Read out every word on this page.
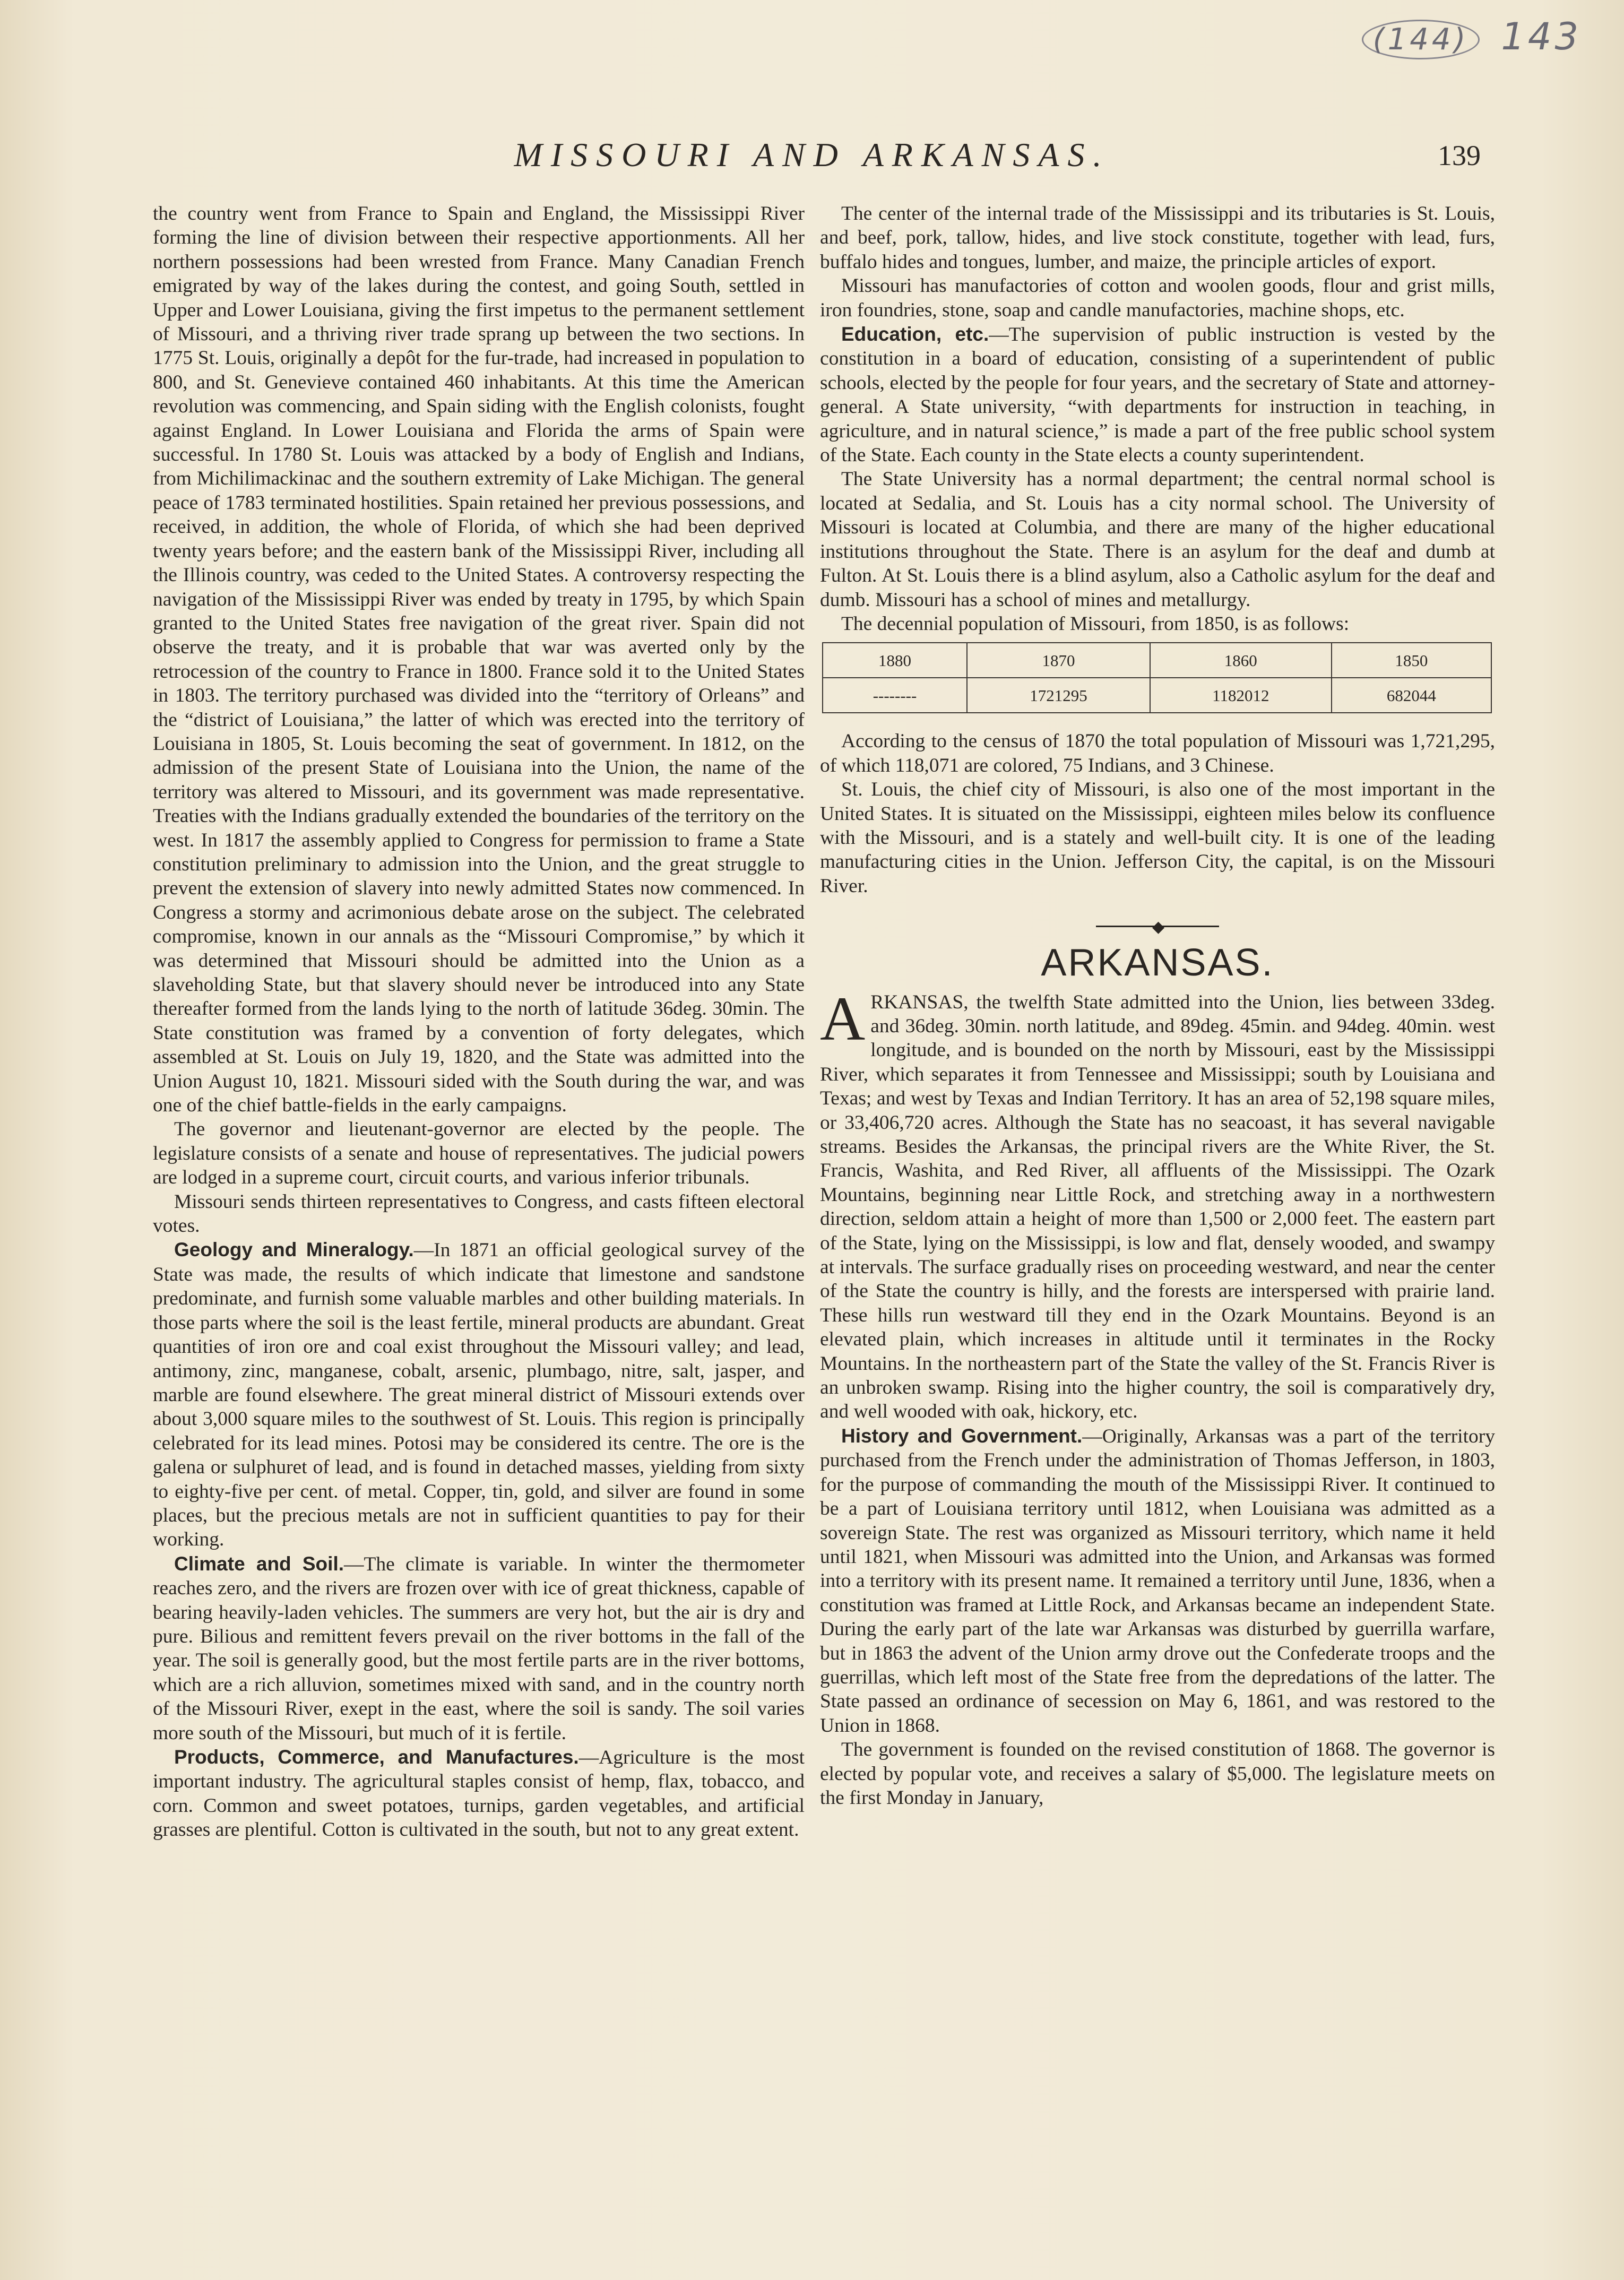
(144) 143
MISSOURI AND ARKANSAS.	139

the country went from France to Spain and England, the Mississippi River forming the line of division between their respective apportionments. All her northern possessions had been wrested from France. Many Canadian French emigrated by way of the lakes during the contest, and going South, settled in Upper and Lower Louisiana, giving the first impetus to the permanent settlement of Missouri, and a thriving river trade sprang up between the two sections. In 1775 St. Louis, originally a depôt for the fur-trade, had increased in population to 800, and St. Genevieve contained 460 inhabitants. At this time the American revolution was commencing, and Spain siding with the English colonists, fought against England. In Lower Louisiana and Florida the arms of Spain were successful. In 1780 St. Louis was attacked by a body of English and Indians, from Michilimackinac and the southern extremity of Lake Michigan. The general peace of 1783 terminated hostilities. Spain retained her previous possessions, and received, in addition, the whole of Florida, of which she had been deprived twenty years before; and the eastern bank of the Mississippi River, including all the Illinois country, was ceded to the United States. A controversy respecting the navigation of the Mississippi River was ended by treaty in 1795, by which Spain granted to the United States free navigation of the great river. Spain did not observe the treaty, and it is probable that war was averted only by the retrocession of the country to France in 1800. France sold it to the United States in 1803. The territory purchased was divided into the “territory of Orleans” and the “district of Louisiana,” the latter of which was erected into the territory of Louisiana in 1805, St. Louis becoming the seat of government. In 1812, on the admission of the present State of Louisiana into the Union, the name of the territory was altered to Missouri, and its government was made representative. Treaties with the Indians gradually extended the boundaries of the territory on the west. In 1817 the assembly applied to Congress for permission to frame a State constitution preliminary to admission into the Union, and the great struggle to prevent the extension of slavery into newly admitted States now commenced. In Congress a stormy and acrimonious debate arose on the subject. The celebrated compromise, known in our annals as the “Missouri Compromise,” by which it was determined that Missouri should be admitted into the Union as a slaveholding State, but that slavery should never be introduced into any State thereafter formed from the lands lying to the north of latitude 36deg. 30min. The State constitution was framed by a convention of forty delegates, which assembled at St. Louis on July 19, 1820, and the State was admitted into the Union August 10, 1821. Missouri sided with the South during the war, and was one of the chief battle-fields in the early campaigns.

The governor and lieutenant-governor are elected by the people. The legislature consists of a senate and house of representatives. The judicial powers are lodged in a supreme court, circuit courts, and various inferior tribunals.

Missouri sends thirteen representatives to Congress, and casts fifteen electoral votes.

Geology and Mineralogy.—In 1871 an official geological survey of the State was made, the results of which indicate that limestone and sandstone predominate, and furnish some valuable marbles and other building materials. In those parts where the soil is the least fertile, mineral products are abundant. Great quantities of iron ore and coal exist throughout the Missouri valley; and lead, antimony, zinc, manganese, cobalt, arsenic, plumbago, nitre, salt, jasper, and marble are found elsewhere. The great mineral district of Missouri extends over about 3,000 square miles to the southwest of St. Louis. This region is principally celebrated for its lead mines. Potosi may be considered its centre. The ore is the galena or sulphuret of lead, and is found in detached masses, yielding from sixty to eighty-five per cent. of metal. Copper, tin, gold, and silver are found in some places, but the precious metals are not in sufficient quantities to pay for their working.

Climate and Soil.—The climate is variable. In winter the thermometer reaches zero, and the rivers are frozen over with ice of great thickness, capable of bearing heavily-laden vehicles. The summers are very hot, but the air is dry and pure. Bilious and remittent fevers prevail on the river bottoms in the fall of the year. The soil is generally good, but the most fertile parts are in the river bottoms, which are a rich alluvion, sometimes mixed with sand, and in the country north of the Missouri River, exept in the east, where the soil is sandy. The soil varies more south of the Missouri, but much of it is fertile.

Products, Commerce, and Manufactures.—Agriculture is the most important industry. The agricultural staples consist of hemp, flax, tobacco, and corn. Common and sweet potatoes, turnips, garden vegetables, and artificial grasses are plentiful. Cotton is cultivated in the south, but not to any great extent.

The center of the internal trade of the Mississippi and its tributaries is St. Louis, and beef, pork, tallow, hides, and live stock constitute, together with lead, furs, buffalo hides and tongues, lumber, and maize, the principle articles of export.

Missouri has manufactories of cotton and woolen goods, flour and grist mills, iron foundries, stone, soap and candle manufactories, machine shops, etc.

Education, etc.—The supervision of public instruction is vested by the constitution in a board of education, consisting of a superintendent of public schools, elected by the people for four years, and the secretary of State and attorney-general. A State university, “with departments for instruction in teaching, in agriculture, and in natural science,” is made a part of the free public school system of the State. Each county in the State elects a county superintendent.

The State University has a normal department; the central normal school is located at Sedalia, and St. Louis has a city normal school. The University of Missouri is located at Columbia, and there are many of the higher educational institutions throughout the State. There is an asylum for the deaf and dumb at Fulton. At St. Louis there is a blind asylum, also a Catholic asylum for the deaf and dumb. Missouri has a school of mines and metallurgy.

The decennial population of Missouri, from 1850, is as follows:

1880	1870	1860	1850
--------	1721295	1182012	682044

According to the census of 1870 the total population of Missouri was 1,721,295, of which 118,071 are colored, 75 Indians, and 3 Chinese.

St. Louis, the chief city of Missouri, is also one of the most important in the United States. It is situated on the Mississippi, eighteen miles below its confluence with the Missouri, and is a stately and well-built city. It is one of the leading manufacturing cities in the Union. Jefferson City, the capital, is on the Missouri River.

◆
ARKANSAS.

ARKANSAS, the twelfth State admitted into the Union, lies between 33deg. and 36deg. 30min. north latitude, and 89deg. 45min. and 94deg. 40min. west longitude, and is bounded on the north by Missouri, east by the Mississippi River, which separates it from Tennessee and Mississippi; south by Louisiana and Texas; and west by Texas and Indian Territory. It has an area of 52,198 square miles, or 33,406,720 acres. Although the State has no seacoast, it has several navigable streams. Besides the Arkansas, the principal rivers are the White River, the St. Francis, Washita, and Red River, all affluents of the Mississippi. The Ozark Mountains, beginning near Little Rock, and stretching away in a northwestern direction, seldom attain a height of more than 1,500 or 2,000 feet. The eastern part of the State, lying on the Mississippi, is low and flat, densely wooded, and swampy at intervals. The surface gradually rises on proceeding westward, and near the center of the State the country is hilly, and the forests are interspersed with prairie land. These hills run westward till they end in the Ozark Mountains. Beyond is an elevated plain, which increases in altitude until it terminates in the Rocky Mountains. In the northeastern part of the State the valley of the St. Francis River is an unbroken swamp. Rising into the higher country, the soil is comparatively dry, and well wooded with oak, hickory, etc.

History and Government.—Originally, Arkansas was a part of the territory purchased from the French under the administration of Thomas Jefferson, in 1803, for the purpose of commanding the mouth of the Mississippi River. It continued to be a part of Louisiana territory until 1812, when Louisiana was admitted as a sovereign State. The rest was organized as Missouri territory, which name it held until 1821, when Missouri was admitted into the Union, and Arkansas was formed into a territory with its present name. It remained a territory until June, 1836, when a constitution was framed at Little Rock, and Arkansas became an independent State. During the early part of the late war Arkansas was disturbed by guerrilla warfare, but in 1863 the advent of the Union army drove out the Confederate troops and the guerrillas, which left most of the State free from the depredations of the latter. The State passed an ordinance of secession on May 6, 1861, and was restored to the Union in 1868.

The government is founded on the revised constitution of 1868. The governor is elected by popular vote, and receives a salary of $5,000. The legislature meets on the first Monday in January,
